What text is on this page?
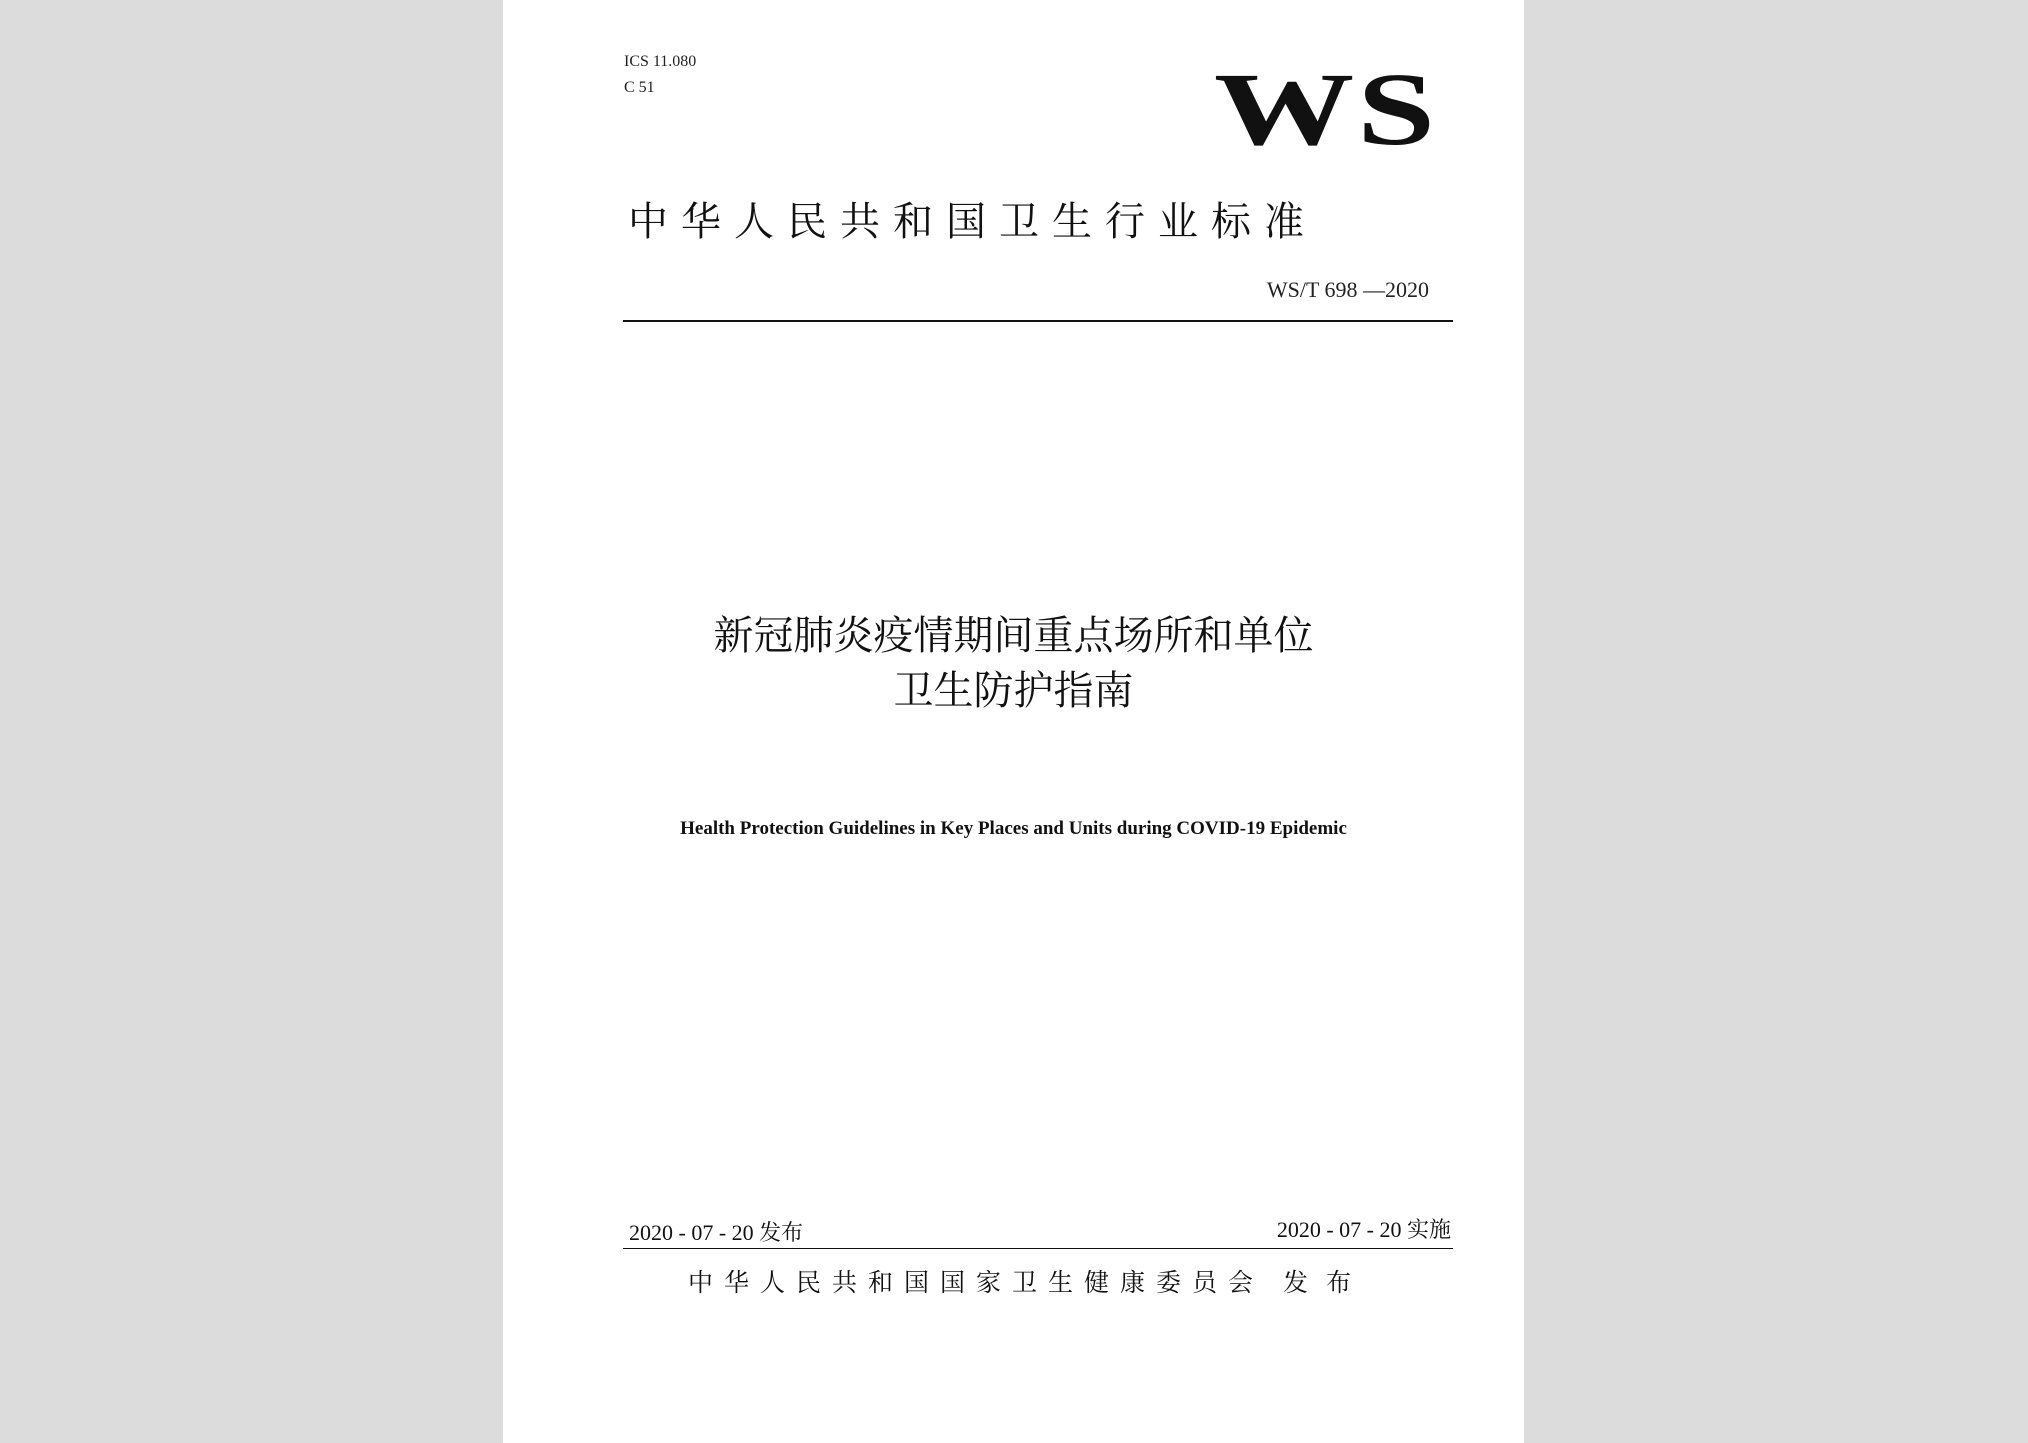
ICS 11.080
C 51	WS
中华人民共和国卫生行业标准
WS/T 698 —2020
新冠肺炎疫情期间重点场所和单位
卫生防护指南
Health Protection Guidelines in Key Places and Units during COVID-19 Epidemic
2020 - 07 - 20 发布	2020 - 07 - 20 实施
中华人民共和国国家卫生健康委员会 发布
